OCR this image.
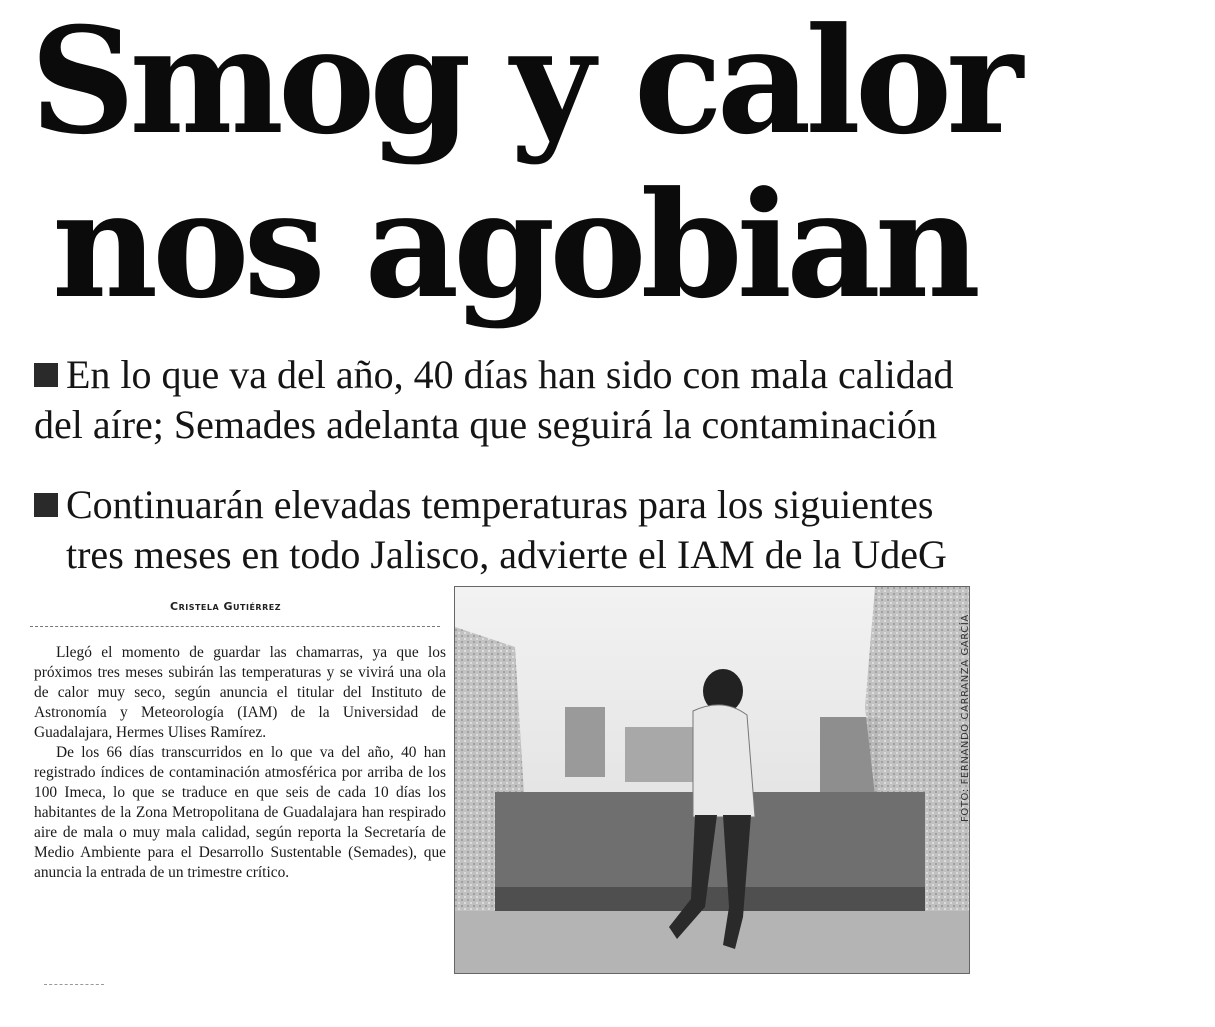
Smog y calor
nos agobian
En lo que va del año, 40 días han sido con mala calidad
del aíre; Semades adelanta que seguirá la contaminación
Continuarán elevadas temperaturas para los siguientes
tres meses en todo Jalisco, advierte el IAM de la UdeG
Cristela Gutiérrez

Llegó el momento de guardar las chamarras, ya que los próximos tres meses subirán las temperaturas y se vivirá una ola de calor muy seco, según anuncia el titular del Instituto de Astronomía y Meteorología (IAM) de la Universidad de Guadalajara, Hermes Ulises Ramírez.

De los 66 días transcurridos en lo que va del año, 40 han registrado índices de contaminación atmosférica por arriba de los 100 Imeca, lo que se traduce en que seis de cada 10 días los habitantes de la Zona Metropolitana de Guadalajara han respirado aire de mala o muy mala calidad, según reporta la Secretaría de Medio Ambiente para el Desarrollo Sustentable (Semades), que anuncia la entrada de un trimestre crítico.

FOTO: FERNANDO CARRANZA GARCÍA
